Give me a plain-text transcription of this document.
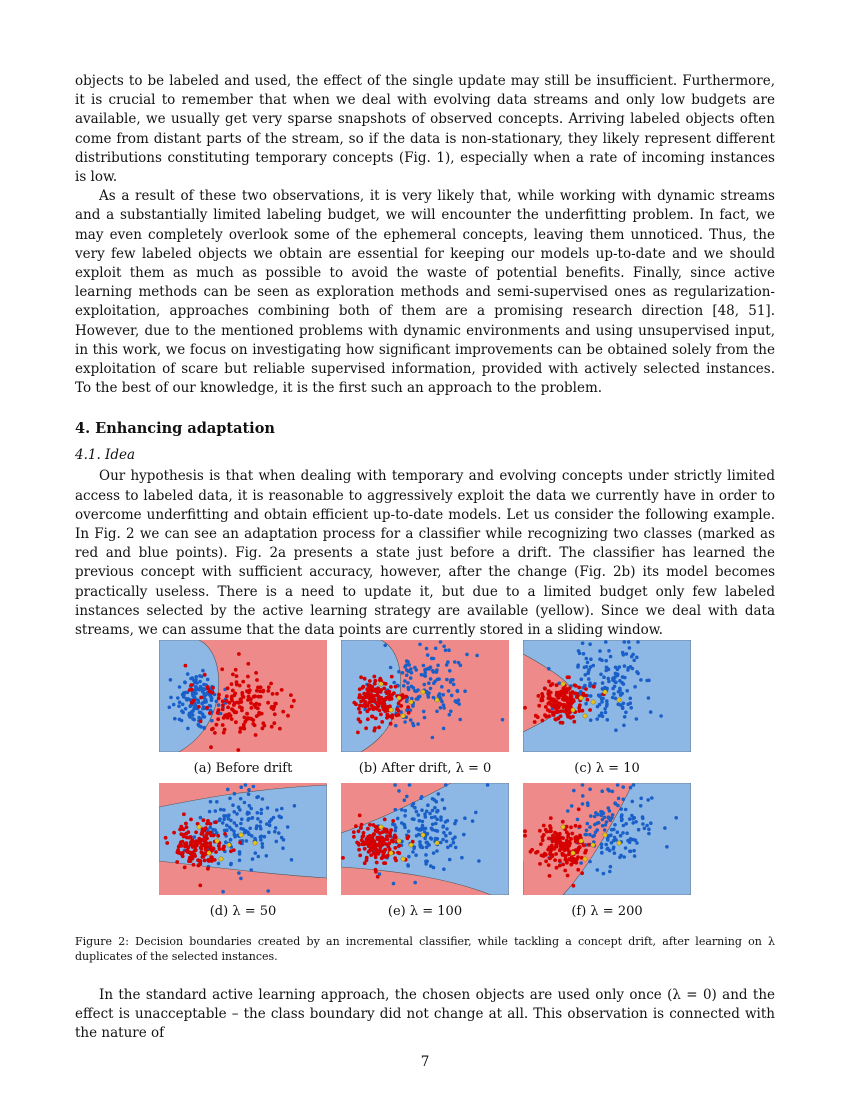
objects to be labeled and used, the effect of the single update may still be insufficient. Furthermore, it is crucial to remember that when we deal with evolving data streams and only low budgets are available, we usually get very sparse snapshots of observed concepts. Arriving labeled objects often come from distant parts of the stream, so if the data is non-stationary, they likely represent different distributions constituting temporary concepts (Fig. 1), especially when a rate of incoming instances is low.

As a result of these two observations, it is very likely that, while working with dynamic streams and a substantially limited labeling budget, we will encounter the underfitting problem. In fact, we may even completely overlook some of the ephemeral concepts, leaving them unnoticed. Thus, the very few labeled objects we obtain are essential for keeping our models up-to-date and we should exploit them as much as possible to avoid the waste of potential benefits. Finally, since active learning methods can be seen as exploration methods and semi-supervised ones as regularization-exploitation, approaches combining both of them are a promising research direction [48, 51]. However, due to the mentioned problems with dynamic environments and using unsupervised input, in this work, we focus on investigating how significant improvements can be obtained solely from the exploitation of scare but reliable supervised information, provided with actively selected instances. To the best of our knowledge, it is the first such an approach to the problem.

4. Enhancing adaptation
4.1. Idea

Our hypothesis is that when dealing with temporary and evolving concepts under strictly limited access to labeled data, it is reasonable to aggressively exploit the data we currently have in order to overcome underfitting and obtain efficient up-to-date models. Let us consider the following example. In Fig. 2 we can see an adaptation process for a classifier while recognizing two classes (marked as red and blue points). Fig. 2a presents a state just before a drift. The classifier has learned the previous concept with sufficient accuracy, however, after the change (Fig. 2b) its model becomes practically useless. There is a need to update it, but due to a limited budget only few labeled instances selected by the active learning strategy are available (yellow). Since we deal with data streams, we can assume that the data points are currently stored in a sliding window.

(a) Before drift	(b) After drift, λ = 0	(c) λ = 10
(d) λ = 50	(e) λ = 100	(f) λ = 200
Figure 2: Decision boundaries created by an incremental classifier, while tackling a concept drift, after learning on λ duplicates of the selected instances.

In the standard active learning approach, the chosen objects are used only once (λ = 0) and the effect is unacceptable – the class boundary did not change at all. This observation is connected with the nature of

7
